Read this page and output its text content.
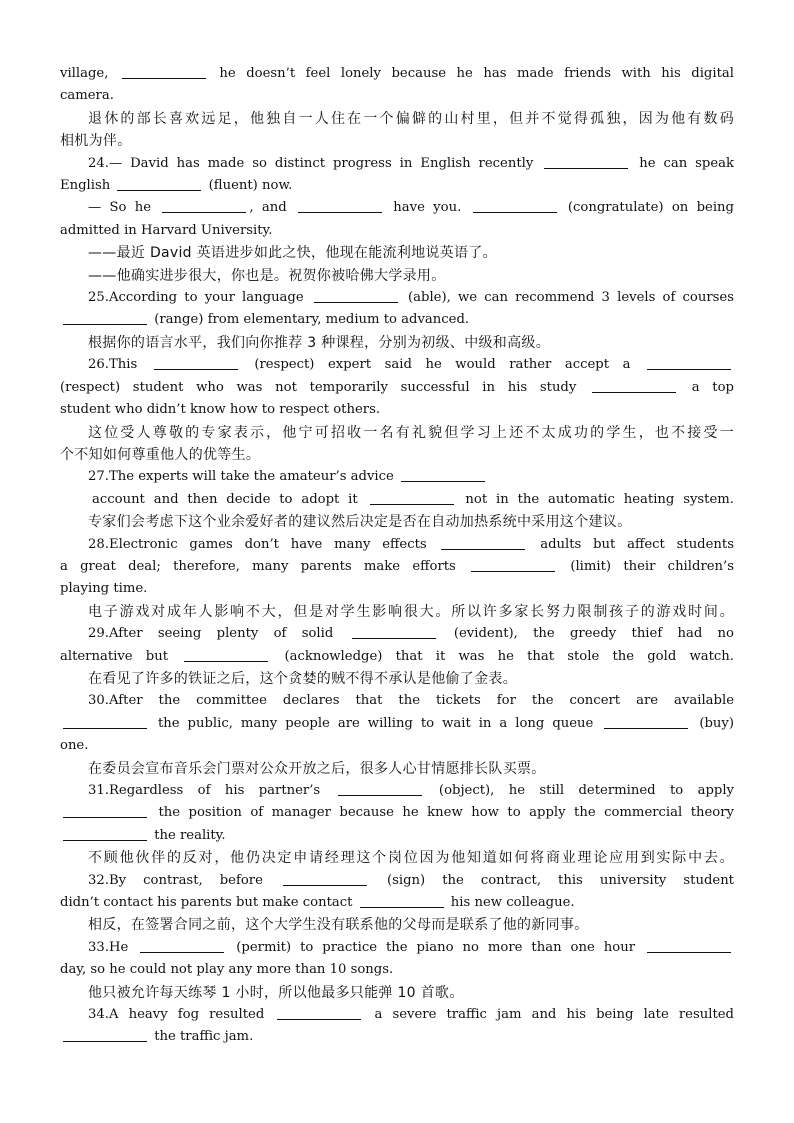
village,	he doesn’t feel lonely because he has made friends with his digital
camera.
退休的部长喜欢远足，他独自一人住在一个偏僻的山村里，但并不觉得孤独，因为他有数码
相机为伴。
24.— David has made so distinct progress in English recently	he can speak
English	(fluent) now.
— So he	, and	have you.	(congratulate) on being
admitted in Harvard University.
——最近 David 英语进步如此之快，他现在能流利地说英语了。
——他确实进步很大，你也是。祝贺你被哈佛大学录用。
25.According to your language	(able), we can recommend 3 levels of courses
(range) from elementary, medium to advanced.
根据你的语言水平，我们向你推荐 3 种课程，分别为初级、中级和高级。
26.This	(respect) expert said he would rather accept a
(respect) student who was not temporarily successful in his study	a top
student who didn’t know how to respect others.
这位受人尊敬的专家表示，他宁可招收一名有礼貌但学习上还不太成功的学生，也不接受一
个不知如何尊重他人的优等生。
27.The experts will take the amateur’s advice
account and then decide to adopt it	not in the automatic heating system.
专家们会考虑下这个业余爱好者的建议然后决定是否在自动加热系统中采用这个建议。
28.Electronic games don’t have many effects	adults but affect students
a great deal; therefore, many parents make efforts	(limit) their children’s
playing time.
电子游戏对成年人影响不大，但是对学生影响很大。所以许多家长努力限制孩子的游戏时间。
29.After seeing plenty of solid	(evident), the greedy thief had no
alternative but	(acknowledge) that it was he that stole the gold watch.
在看见了许多的铁证之后，这个贪婪的贼不得不承认是他偷了金表。
30.After the committee declares that the tickets for the concert are available
the public, many people are willing to wait in a long queue	(buy)
one.
在委员会宣布音乐会门票对公众开放之后，很多人心甘情愿排长队买票。
31.Regardless of his partner’s	(object), he still determined to apply
the position of manager because he knew how to apply the commercial theory
the reality.
不顾他伙伴的反对，他仍决定申请经理这个岗位因为他知道如何将商业理论应用到实际中去。
32.By contrast, before	(sign) the contract, this university student
didn’t contact his parents but make contact	his new colleague.
相反，在签署合同之前，这个大学生没有联系他的父母而是联系了他的新同事。
33.He	(permit) to practice the piano no more than one hour
day, so he could not play any more than 10 songs.
他只被允许每天练琴 1 小时，所以他最多只能弹 10 首歌。
34.A heavy fog resulted	a severe traffic jam and his being late resulted
the traffic jam.
